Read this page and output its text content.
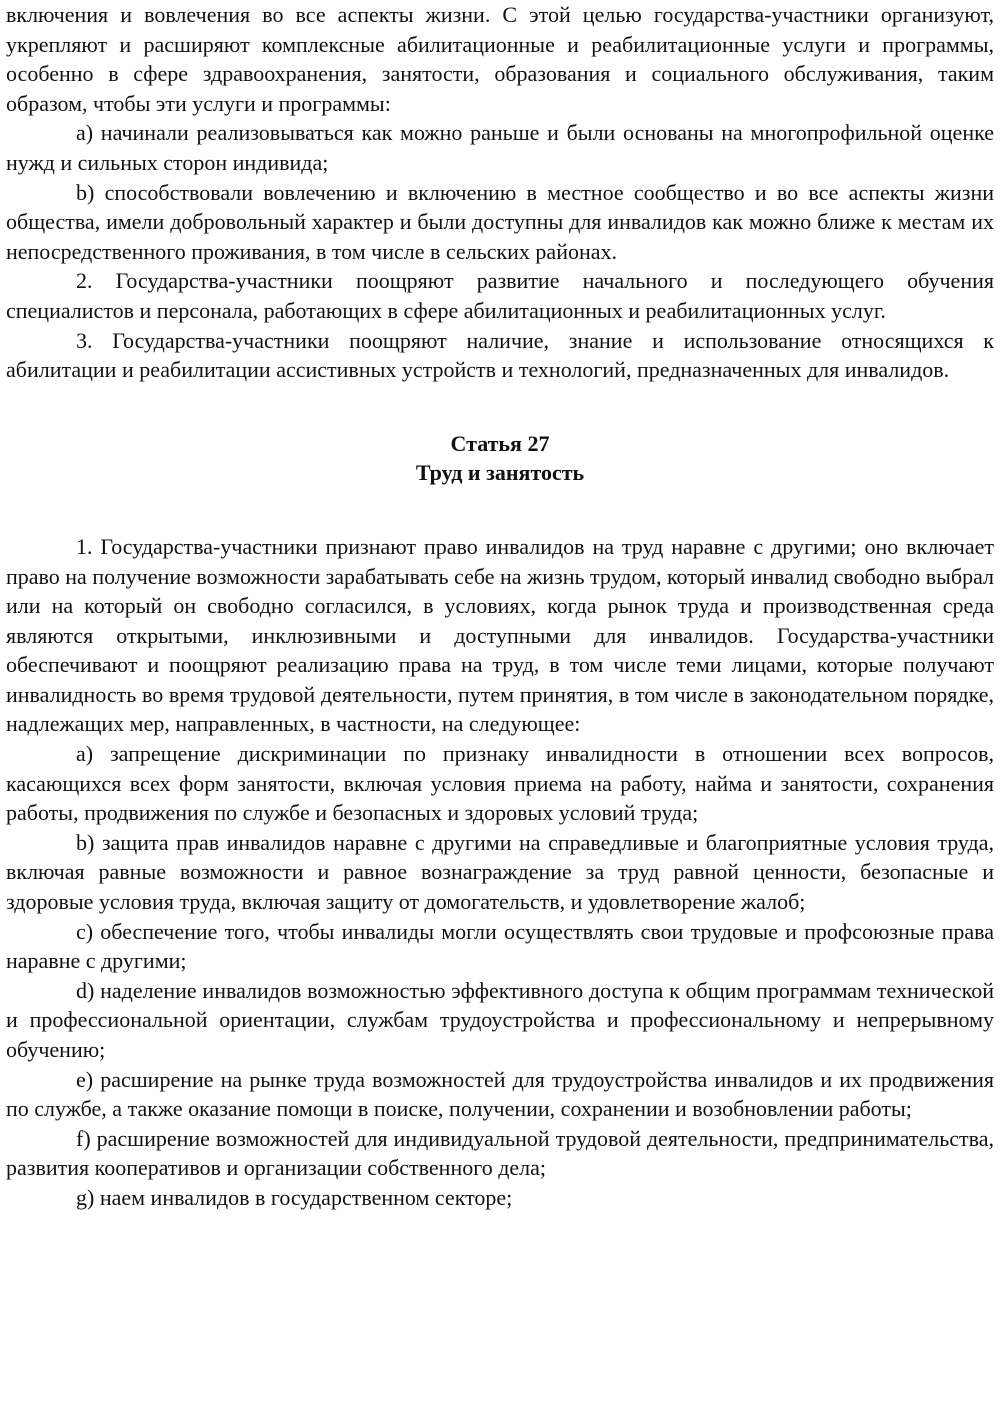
включения и вовлечения во все аспекты жизни. С этой целью государства-участники организуют, укрепляют и расширяют комплексные абилитационные и реабилитационные услуги и программы, особенно в сфере здравоохранения, занятости, образования и социального обслуживания, таким образом, чтобы эти услуги и программы:

a) начинали реализовываться как можно раньше и были основаны на многопрофильной оценке нужд и сильных сторон индивида;

b) способствовали вовлечению и включению в местное сообщество и во все аспекты жизни общества, имели добровольный характер и были доступны для инвалидов как можно ближе к местам их непосредственного проживания, в том числе в сельских районах.

2. Государства-участники поощряют развитие начального и последующего обучения специалистов и персонала, работающих в сфере абилитационных и реабилитационных услуг.

3. Государства-участники поощряют наличие, знание и использование относящихся к абилитации и реабилитации ассистивных устройств и технологий, предназначенных для инвалидов.

Статья 27

Труд и занятость

1. Государства-участники признают право инвалидов на труд наравне с другими; оно включает право на получение возможности зарабатывать себе на жизнь трудом, который инвалид свободно выбрал или на который он свободно согласился, в условиях, когда рынок труда и производственная среда являются открытыми, инклюзивными и доступными для инвалидов. Государства-участники обеспечивают и поощряют реализацию права на труд, в том числе теми лицами, которые получают инвалидность во время трудовой деятельности, путем принятия, в том числе в законодательном порядке, надлежащих мер, направленных, в частности, на следующее:

a) запрещение дискриминации по признаку инвалидности в отношении всех вопросов, касающихся всех форм занятости, включая условия приема на работу, найма и занятости, сохранения работы, продвижения по службе и безопасных и здоровых условий труда;

b) защита прав инвалидов наравне с другими на справедливые и благоприятные условия труда, включая равные возможности и равное вознаграждение за труд равной ценности, безопасные и здоровые условия труда, включая защиту от домогательств, и удовлетворение жалоб;

c) обеспечение того, чтобы инвалиды могли осуществлять свои трудовые и профсоюзные права наравне с другими;

d) наделение инвалидов возможностью эффективного доступа к общим программам технической и профессиональной ориентации, службам трудоустройства и профессиональному и непрерывному обучению;

e) расширение на рынке труда возможностей для трудоустройства инвалидов и их продвижения по службе, а также оказание помощи в поиске, получении, сохранении и возобновлении работы;

f) расширение возможностей для индивидуальной трудовой деятельности, предпринимательства, развития кооперативов и организации собственного дела;

g) наем инвалидов в государственном секторе;
